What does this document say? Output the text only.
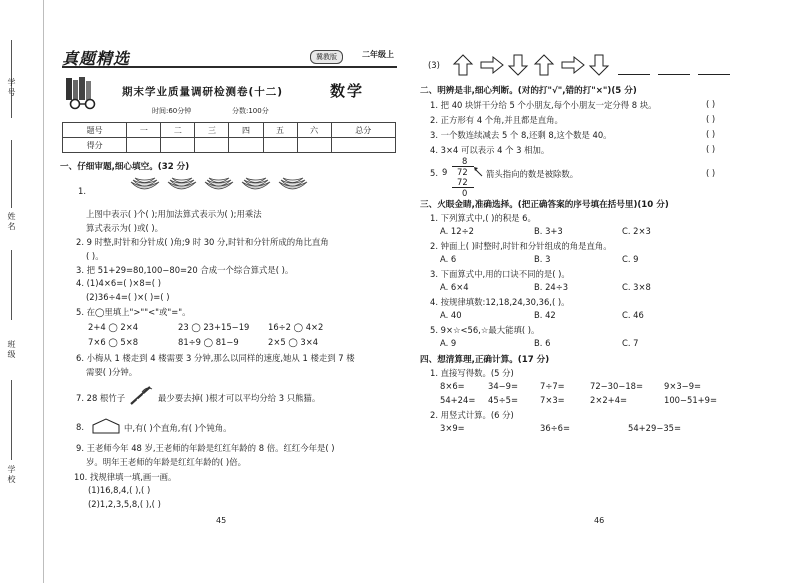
学号
姓名
班级
学校
真题精选	冀教版	二年级上
期末学业质量调研检测卷(十二)	数学
时间:60分钟	分数:100分
题号	一	二	三	四	五	六	总分
得分							
一、仔细审题,细心填空。(32 分)
1.
上图中表示( )个( );用加法算式表示为( );用乘法
算式表示为( )或( )。
2. 9 时整,时针和分针成( )角;9 时 30 分,时针和分针所成的角比直角
( )。
3. 把 51+29=80,100−80=20 合成一个综合算式是( )。
4. (1)4×6=( )×8=( )
(2)36÷4=( )×( )=( )
5. 在◯里填上">""<"或"="。
2+4 ◯ 2×4	23 ◯ 23+15−19 16÷2 ◯ 4×2
7×6 ◯ 5×8	81÷9 ◯ 81−9	2×5 ◯ 3×4
6. 小梅从 1 楼走到 4 楼需要 3 分钟,那么以同样的速度,她从 1 楼走到 7 楼
需要( )分钟。
7. 28 根竹子	最少要去掉( )根才可以平均分给 3 只熊猫。
8.	中,有( )个直角,有( )个钝角。
9. 王老师今年 48 岁,王老师的年龄是红红年龄的 8 倍。红红今年是( )
岁。明年王老师的年龄是红红年龄的( )倍。
10. 找规律填一填,画一画。
(1)16,8,4,( ),( )
(2)1,2,3,5,8,( ),( )
45
(3)
二、明辨是非,细心判断。(对的打"√",错的打"×")(5 分)
1. 把 40 块饼干分给 5 个小朋友,每个小朋友一定分得 8 块。	( )
2. 正方形有 4 个角,并且都是直角。	( )
3. 一个数连续减去 5 个 8,还剩 8,这个数是 40。	( )
4. 3×4 可以表示 4 个 3 相加。	( )
5.
8
9 72
72
0
箭头指向的数是被除数。	( )
三、火眼金睛,准确选择。(把正确答案的序号填在括号里)(10 分)
1. 下列算式中,( )的积是 6。
A. 12÷2	B. 3+3	C. 2×3
2. 钟面上( )时整时,时针和分针组成的角是直角。
A. 6	B. 3	C. 9
3. 下面算式中,用的口诀不同的是( )。
A. 6×4	B. 24÷3	C. 3×8
4. 按规律填数:12,18,24,30,36,( )。
A. 40	B. 42	C. 46
5. 9×☆<56,☆最大能填( )。
A. 9	B. 6	C. 7
四、想清算理,正确计算。(17 分)
1. 直接写得数。(5 分)
8×6=	34−9=	7÷7=	72−30−18= 9×3−9=
54+24= 45÷5=	7×3=	2×2+4=	100−51+9=
2. 用竖式计算。(6 分)
3×9=	36÷6=	54+29−35=
46
